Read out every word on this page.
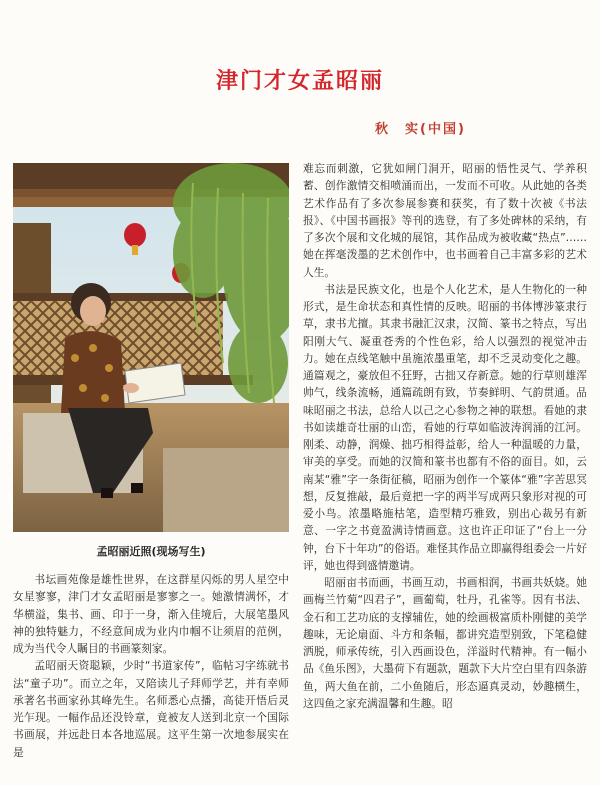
津门才女孟昭丽
秋　实(中国)
孟昭丽近照(现场写生)

难忘而刺激，它犹如闸门洞开，昭丽的悟性灵气、学养积蓄、创作激情交相喷涌而出，一发而不可收。从此她的各类艺术作品有了多次参展参赛和获奖，有了数十次被《书法报》、《中国书画报》等刊的选登，有了多处碑林的采纳，有了多次个展和文化城的展馆，其作品成为被收藏“热点”……她在挥毫泼墨的艺术创作中，也书画着自己丰富多彩的艺术人生。

书法是民族文化，也是个人化艺术，是人生物化的一种形式，是生命状态和真性情的反映。昭丽的书体博涉篆隶行草，隶书尤擅。其隶书融汇汉隶，汉简、篆书之特点，写出阳刚大气、凝重苍秀的个性色彩，给人以强烈的视觉冲击力。她在点线笔触中虽施浓墨重笔，却不乏灵动变化之趣。通篇观之，豪放但不狂野，古拙又存新意。她的行草则雄浑帅气，线条流畅，通篇疏朗有致，节奏鲜明、气韵贯通。品味昭丽之书法，总给人以己之心参物之神的联想。看她的隶书如读雄奇壮丽的山峦，看她的行草如临波涛润涌的江河。刚柔、动静，润燥、拙巧相得益彰，给人一种温暖的力量，审美的享受。而她的汉简和篆书也都有不俗的面目。如，云南某“雅”字一条街征稿，昭丽为创作一个篆体“雅”字苦思冥想，反复推敲，最后竟把一字的两半写成两只象形对视的可爱小鸟。浓墨略施枯笔，造型精巧雅致，别出心裁另有新意、一字之书竟盈满诗情画意。这也许正印证了“台上一分钟，台下十年功”的俗语。难怪其作品立即赢得组委会一片好评，她也得到盛情邀请。

昭丽亩书而画，书画互动，书画相润，书画共妖娆。她画梅兰竹菊“四君子”，画葡萄，牡丹，孔雀等。因有书法、金石和工艺功底的支撑辅佐，她的绘画极富质朴刚健的美学趣味，无论扇面、斗方和条幅，都讲究造型别致，下笔稳健洒脱，师承传统，引入西画设色，洋溢时代精神。有一幅小品《鱼乐图》，大墨荷下有题款，题款下大片空白里有四条游鱼，两大鱼在前，二小鱼随后，形态逼真灵动，妙趣横生，这四鱼之家充满温馨和生趣。昭

书坛画苑像是雄性世界，在这群星闪烁的男人星空中女星寥寥，津门才女孟昭丽是寥寥之一。她激情满怀，才华横溢，集书、画、印于一身，渐入佳境后，大展笔墨风神的独特魅力，不经意间成为业内巾帼不让须眉的范例，成为当代令人瞩目的书画篆刻家。

孟昭丽天资聪颖，少时“书道家传”，临帖习字练就书法“童子功”。而立之年，又陪读儿子拜师学艺，并有幸师承著名书画家孙其峰先生。名师悉心点播，高徒开悟后灵光乍现。一幅作品还没铃章，竟被友人送到北京一个国际书画展，并远赴日本各地巡展。这平生第一次地参展实在是
